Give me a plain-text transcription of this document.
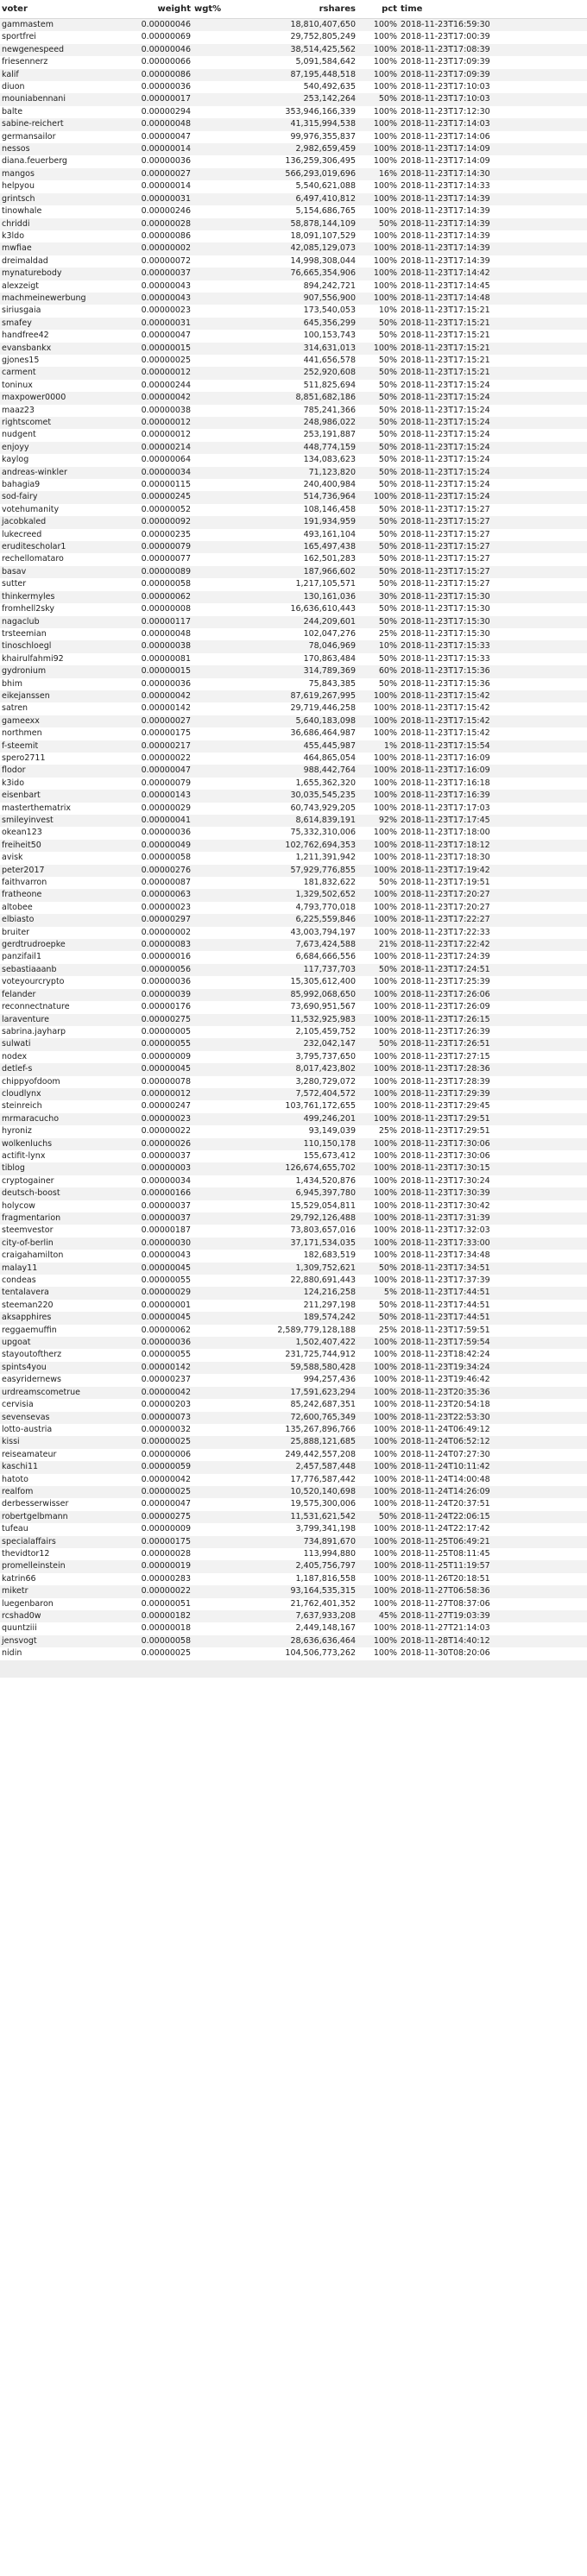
voter	weight	wgt%	rshares	pct	time
gammastem	0.00000046		18,810,407,650	100%	2018-11-23T16:59:30
sportfrei	0.00000069		29,752,805,249	100%	2018-11-23T17:00:39
newgenespeed	0.00000046		38,514,425,562	100%	2018-11-23T17:08:39
friesennerz	0.00000066		5,091,584,642	100%	2018-11-23T17:09:39
kalif	0.00000086		87,195,448,518	100%	2018-11-23T17:09:39
diuon	0.00000036		540,492,635	100%	2018-11-23T17:10:03
mouniabennani	0.00000017		253,142,264	50%	2018-11-23T17:10:03
balte	0.00000294		353,946,166,339	100%	2018-11-23T17:12:30
sabine-reichert	0.00000048		41,315,994,538	100%	2018-11-23T17:14:03
germansailor	0.00000047		99,976,355,837	100%	2018-11-23T17:14:06
nessos	0.00000014		2,982,659,459	100%	2018-11-23T17:14:09
diana.feuerberg	0.00000036		136,259,306,495	100%	2018-11-23T17:14:09
mangos	0.00000027		566,293,019,696	16%	2018-11-23T17:14:30
helpyou	0.00000014		5,540,621,088	100%	2018-11-23T17:14:33
grintsch	0.00000031		6,497,410,812	100%	2018-11-23T17:14:39
tinowhale	0.00000246		5,154,686,765	100%	2018-11-23T17:14:39
chriddi	0.00000028		58,878,144,109	50%	2018-11-23T17:14:39
k3ldo	0.00000086		18,091,107,529	100%	2018-11-23T17:14:39
mwfiae	0.00000002		42,085,129,073	100%	2018-11-23T17:14:39
dreimaldad	0.00000072		14,998,308,044	100%	2018-11-23T17:14:39
mynaturebody	0.00000037		76,665,354,906	100%	2018-11-23T17:14:42
alexzeigt	0.00000043		894,242,721	100%	2018-11-23T17:14:45
machmeinewerbung	0.00000043		907,556,900	100%	2018-11-23T17:14:48
siriusgaia	0.00000023		173,540,053	10%	2018-11-23T17:15:21
smafey	0.00000031		645,356,299	50%	2018-11-23T17:15:21
handfree42	0.00000047		100,153,743	50%	2018-11-23T17:15:21
evansbankx	0.00000015		314,631,013	100%	2018-11-23T17:15:21
gjones15	0.00000025		441,656,578	50%	2018-11-23T17:15:21
carment	0.00000012		252,920,608	50%	2018-11-23T17:15:21
toninux	0.00000244		511,825,694	50%	2018-11-23T17:15:24
maxpower0000	0.00000042		8,851,682,186	50%	2018-11-23T17:15:24
maaz23	0.00000038		785,241,366	50%	2018-11-23T17:15:24
rightscomet	0.00000012		248,986,022	50%	2018-11-23T17:15:24
nudgent	0.00000012		253,191,887	50%	2018-11-23T17:15:24
enjoyy	0.00000214		448,774,159	50%	2018-11-23T17:15:24
kaylog	0.00000064		134,083,623	50%	2018-11-23T17:15:24
andreas-winkler	0.00000034		71,123,820	50%	2018-11-23T17:15:24
bahagia9	0.00000115		240,400,984	50%	2018-11-23T17:15:24
sod-fairy	0.00000245		514,736,964	100%	2018-11-23T17:15:24
votehumanity	0.00000052		108,146,458	50%	2018-11-23T17:15:27
jacobkaled	0.00000092		191,934,959	50%	2018-11-23T17:15:27
lukecreed	0.00000235		493,161,104	50%	2018-11-23T17:15:27
eruditescholar1	0.00000079		165,497,438	50%	2018-11-23T17:15:27
rechellomataro	0.00000077		162,501,283	50%	2018-11-23T17:15:27
basav	0.00000089		187,966,602	50%	2018-11-23T17:15:27
sutter	0.00000058		1,217,105,571	50%	2018-11-23T17:15:27
thinkermyles	0.00000062		130,161,036	30%	2018-11-23T17:15:30
fromhell2sky	0.00000008		16,636,610,443	50%	2018-11-23T17:15:30
nagaclub	0.00000117		244,209,601	50%	2018-11-23T17:15:30
trsteemian	0.00000048		102,047,276	25%	2018-11-23T17:15:30
tinoschloegl	0.00000038		78,046,969	10%	2018-11-23T17:15:33
khairulfahmi92	0.00000081		170,863,484	50%	2018-11-23T17:15:33
gydronium	0.00000015		314,789,369	60%	2018-11-23T17:15:36
bhim	0.00000036		75,843,385	50%	2018-11-23T17:15:36
eikejanssen	0.00000042		87,619,267,995	100%	2018-11-23T17:15:42
satren	0.00000142		29,719,446,258	100%	2018-11-23T17:15:42
gameexx	0.00000027		5,640,183,098	100%	2018-11-23T17:15:42
northmen	0.00000175		36,686,464,987	100%	2018-11-23T17:15:42
f-steemit	0.00000217		455,445,987	1%	2018-11-23T17:15:54
spero2711	0.00000022		464,865,054	100%	2018-11-23T17:16:09
flodor	0.00000047		988,442,764	100%	2018-11-23T17:16:09
k3ido	0.00000079		1,655,362,320	100%	2018-11-23T17:16:18
eisenbart	0.00000143		30,035,545,235	100%	2018-11-23T17:16:39
masterthematrix	0.00000029		60,743,929,205	100%	2018-11-23T17:17:03
smileyinvest	0.00000041		8,614,839,191	92%	2018-11-23T17:17:45
okean123	0.00000036		75,332,310,006	100%	2018-11-23T17:18:00
freiheit50	0.00000049		102,762,694,353	100%	2018-11-23T17:18:12
avisk	0.00000058		1,211,391,942	100%	2018-11-23T17:18:30
peter2017	0.00000276		57,929,776,855	100%	2018-11-23T17:19:42
faithvarron	0.00000087		181,832,622	50%	2018-11-23T17:19:51
fratheone	0.00000063		1,329,502,652	100%	2018-11-23T17:20:27
altobee	0.00000023		4,793,770,018	100%	2018-11-23T17:20:27
elbiasto	0.00000297		6,225,559,846	100%	2018-11-23T17:22:27
bruiter	0.00000002		43,003,794,197	100%	2018-11-23T17:22:33
gerdtrudroepke	0.00000083		7,673,424,588	21%	2018-11-23T17:22:42
panzifail1	0.00000016		6,684,666,556	100%	2018-11-23T17:24:39
sebastiaaanb	0.00000056		117,737,703	50%	2018-11-23T17:24:51
voteyourcrypto	0.00000036		15,305,612,400	100%	2018-11-23T17:25:39
felander	0.00000039		85,992,068,650	100%	2018-11-23T17:26:06
reconnectnature	0.00000176		73,690,951,567	100%	2018-11-23T17:26:09
laraventure	0.00000275		11,532,925,983	100%	2018-11-23T17:26:15
sabrina.jayharp	0.00000005		2,105,459,752	100%	2018-11-23T17:26:39
sulwati	0.00000055		232,042,147	50%	2018-11-23T17:26:51
nodex	0.00000009		3,795,737,650	100%	2018-11-23T17:27:15
detlef-s	0.00000045		8,017,423,802	100%	2018-11-23T17:28:36
chippyofdoom	0.00000078		3,280,729,072	100%	2018-11-23T17:28:39
cloudlynx	0.00000012		7,572,404,572	100%	2018-11-23T17:29:39
steinreich	0.00000247		103,761,172,655	100%	2018-11-23T17:29:45
mrmaracucho	0.00000023		499,246,201	100%	2018-11-23T17:29:51
hyroniz	0.00000022		93,149,039	25%	2018-11-23T17:29:51
wolkenluchs	0.00000026		110,150,178	100%	2018-11-23T17:30:06
actifit-lynx	0.00000037		155,673,412	100%	2018-11-23T17:30:06
tiblog	0.00000003		126,674,655,702	100%	2018-11-23T17:30:15
cryptogainer	0.00000034		1,434,520,876	100%	2018-11-23T17:30:24
deutsch-boost	0.00000166		6,945,397,780	100%	2018-11-23T17:30:39
holycow	0.00000037		15,529,054,811	100%	2018-11-23T17:30:42
fragmentarion	0.00000037		29,792,126,488	100%	2018-11-23T17:31:39
steemvestor	0.00000187		73,803,657,016	100%	2018-11-23T17:32:03
city-of-berlin	0.00000030		37,171,534,035	100%	2018-11-23T17:33:00
craigahamilton	0.00000043		182,683,519	100%	2018-11-23T17:34:48
malay11	0.00000045		1,309,752,621	50%	2018-11-23T17:34:51
condeas	0.00000055		22,880,691,443	100%	2018-11-23T17:37:39
tentalavera	0.00000029		124,216,258	5%	2018-11-23T17:44:51
steeman220	0.00000001		211,297,198	50%	2018-11-23T17:44:51
aksapphires	0.00000045		189,574,242	50%	2018-11-23T17:44:51
reggaemuffin	0.00000062		2,589,779,128,188	25%	2018-11-23T17:59:51
upgoat	0.00000036		1,502,407,422	100%	2018-11-23T17:59:54
stayoutoftherz	0.00000055		231,725,744,912	100%	2018-11-23T18:42:24
spints4you	0.00000142		59,588,580,428	100%	2018-11-23T19:34:24
easyridernews	0.00000237		994,257,436	100%	2018-11-23T19:46:42
urdreamscometrue	0.00000042		17,591,623,294	100%	2018-11-23T20:35:36
cervisia	0.00000203		85,242,687,351	100%	2018-11-23T20:54:18
sevensevas	0.00000073		72,600,765,349	100%	2018-11-23T22:53:30
lotto-austria	0.00000032		135,267,896,766	100%	2018-11-24T06:49:12
kissi	0.00000025		25,888,121,685	100%	2018-11-24T06:52:12
reiseamateur	0.00000006		249,442,557,208	100%	2018-11-24T07:27:30
kaschi11	0.00000059		2,457,587,448	100%	2018-11-24T10:11:42
hatoto	0.00000042		17,776,587,442	100%	2018-11-24T14:00:48
realfom	0.00000025		10,520,140,698	100%	2018-11-24T14:26:09
derbesserwisser	0.00000047		19,575,300,006	100%	2018-11-24T20:37:51
robertgelbmann	0.00000275		11,531,621,542	50%	2018-11-24T22:06:15
tufeau	0.00000009		3,799,341,198	100%	2018-11-24T22:17:42
specialaffairs	0.00000175		734,891,670	100%	2018-11-25T06:49:21
thevidtor12	0.00000028		113,994,880	100%	2018-11-25T08:11:45
promelleinstein	0.00000019		2,405,756,797	100%	2018-11-25T11:19:57
katrin66	0.00000283		1,187,816,558	100%	2018-11-26T20:18:51
miketr	0.00000022		93,164,535,315	100%	2018-11-27T06:58:36
luegenbaron	0.00000051		21,762,401,352	100%	2018-11-27T08:37:06
rcshad0w	0.00000182		7,637,933,208	45%	2018-11-27T19:03:39
quuntziii	0.00000018		2,449,148,167	100%	2018-11-27T21:14:03
jensvogt	0.00000058		28,636,636,464	100%	2018-11-28T14:40:12
nidin	0.00000025		104,506,773,262	100%	2018-11-30T08:20:06
